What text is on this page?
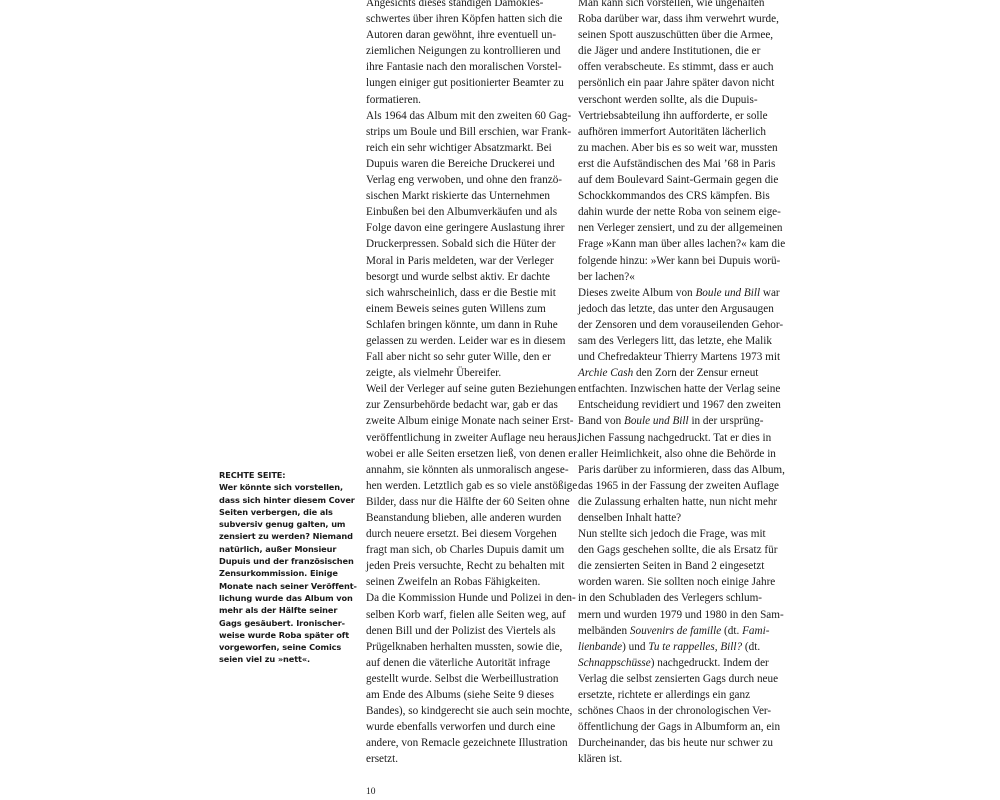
RECHTE SEITE:
Wer könnte sich vorstellen,
dass sich hinter diesem Cover
Seiten verbergen, die als
subversiv genug galten, um
zensiert zu werden? Niemand
natürlich, außer Monsieur
Dupuis und der französischen
Zensurkommission. Einige
Monate nach seiner Veröffent-
lichung wurde das Album von
mehr als der Hälfte seiner
Gags gesäubert. Ironischer-
weise wurde Roba später oft
vorgeworfen, seine Comics
seien viel zu »nett«.
Angesichts dieses ständigen Damokles-
schwertes über ihren Köpfen hatten sich die
Autoren daran gewöhnt, ihre eventuell un-
ziemlichen Neigungen zu kontrollieren und
ihre Fantasie nach den moralischen Vorstel-
lungen einiger gut positionierter Beamter zu
formatieren.
Als 1964 das Album mit den zweiten 60 Gag-
strips um Boule und Bill erschien, war Frank-
reich ein sehr wichtiger Absatzmarkt. Bei
Dupuis waren die Bereiche Druckerei und
Verlag eng verwoben, und ohne den franzö-
sischen Markt riskierte das Unternehmen
Einbußen bei den Albumverkäufen und als
Folge davon eine geringere Auslastung ihrer
Druckerpressen. Sobald sich die Hüter der
Moral in Paris meldeten, war der Verleger
besorgt und wurde selbst aktiv. Er dachte
sich wahrscheinlich, dass er die Bestie mit
einem Beweis seines guten Willens zum
Schlafen bringen könnte, um dann in Ruhe
gelassen zu werden. Leider war es in diesem
Fall aber nicht so sehr guter Wille, den er
zeigte, als vielmehr Übereifer.
Weil der Verleger auf seine guten Beziehungen
zur Zensurbehörde bedacht war, gab er das
zweite Album einige Monate nach seiner Erst-
veröffentlichung in zweiter Auflage neu heraus,
wobei er alle Seiten ersetzen ließ, von denen er
annahm, sie könnten als unmoralisch angese-
hen werden. Letztlich gab es so viele anstößige
Bilder, dass nur die Hälfte der 60 Seiten ohne
Beanstandung blieben, alle anderen wurden
durch neuere ersetzt. Bei diesem Vorgehen
fragt man sich, ob Charles Dupuis damit um
jeden Preis versuchte, Recht zu behalten mit
seinen Zweifeln an Robas Fähigkeiten.
Da die Kommission Hunde und Polizei in den-
selben Korb warf, fielen alle Seiten weg, auf
denen Bill und der Polizist des Viertels als
Prügelknaben herhalten mussten, sowie die,
auf denen die väterliche Autorität infrage
gestellt wurde. Selbst die Werbeillustration
am Ende des Albums (siehe Seite 9 dieses
Bandes), so kindgerecht sie auch sein mochte,
wurde ebenfalls verworfen und durch eine
andere, von Remacle gezeichnete Illustration
ersetzt.
Man kann sich vorstellen, wie ungehalten
Roba darüber war, dass ihm verwehrt wurde,
seinen Spott auszuschütten über die Armee,
die Jäger und andere Institutionen, die er
offen verabscheute. Es stimmt, dass er auch
persönlich ein paar Jahre später davon nicht
verschont werden sollte, als die Dupuis-
Vertriebsabteilung ihn aufforderte, er solle
aufhören immerfort Autoritäten lächerlich
zu machen. Aber bis es so weit war, mussten
erst die Aufständischen des Mai ’68 in Paris
auf dem Boulevard Saint-Germain gegen die
Schockkommandos des CRS kämpfen. Bis
dahin wurde der nette Roba von seinem eige-
nen Verleger zensiert, und zu der allgemeinen
Frage »Kann man über alles lachen?« kam die
folgende hinzu: »Wer kann bei Dupuis worü-
ber lachen?«
Dieses zweite Album von Boule und Bill war
jedoch das letzte, das unter den Argusaugen
der Zensoren und dem vorauseilenden Gehor-
sam des Verlegers litt, das letzte, ehe Malik
und Chefredakteur Thierry Martens 1973 mit
Archie Cash den Zorn der Zensur erneut
entfachten. Inzwischen hatte der Verlag seine
Entscheidung revidiert und 1967 den zweiten
Band von Boule und Bill in der ursprüng-
lichen Fassung nachgedruckt. Tat er dies in
aller Heimlichkeit, also ohne die Behörde in
Paris darüber zu informieren, dass das Album,
das 1965 in der Fassung der zweiten Auflage
die Zulassung erhalten hatte, nun nicht mehr
denselben Inhalt hatte?
Nun stellte sich jedoch die Frage, was mit
den Gags geschehen sollte, die als Ersatz für
die zensierten Seiten in Band 2 eingesetzt
worden waren. Sie sollten noch einige Jahre
in den Schubladen des Verlegers schlum-
mern und wurden 1979 und 1980 in den Sam-
melbänden Souvenirs de famille (dt. Fami-
lienbande) und Tu te rappelles, Bill? (dt.
Schnappschüsse) nachgedruckt. Indem der
Verlag die selbst zensierten Gags durch neue
ersetzte, richtete er allerdings ein ganz
schönes Chaos in der chronologischen Ver-
öffentlichung der Gags in Albumform an, ein
Durcheinander, das bis heute nur schwer zu
klären ist.
10
